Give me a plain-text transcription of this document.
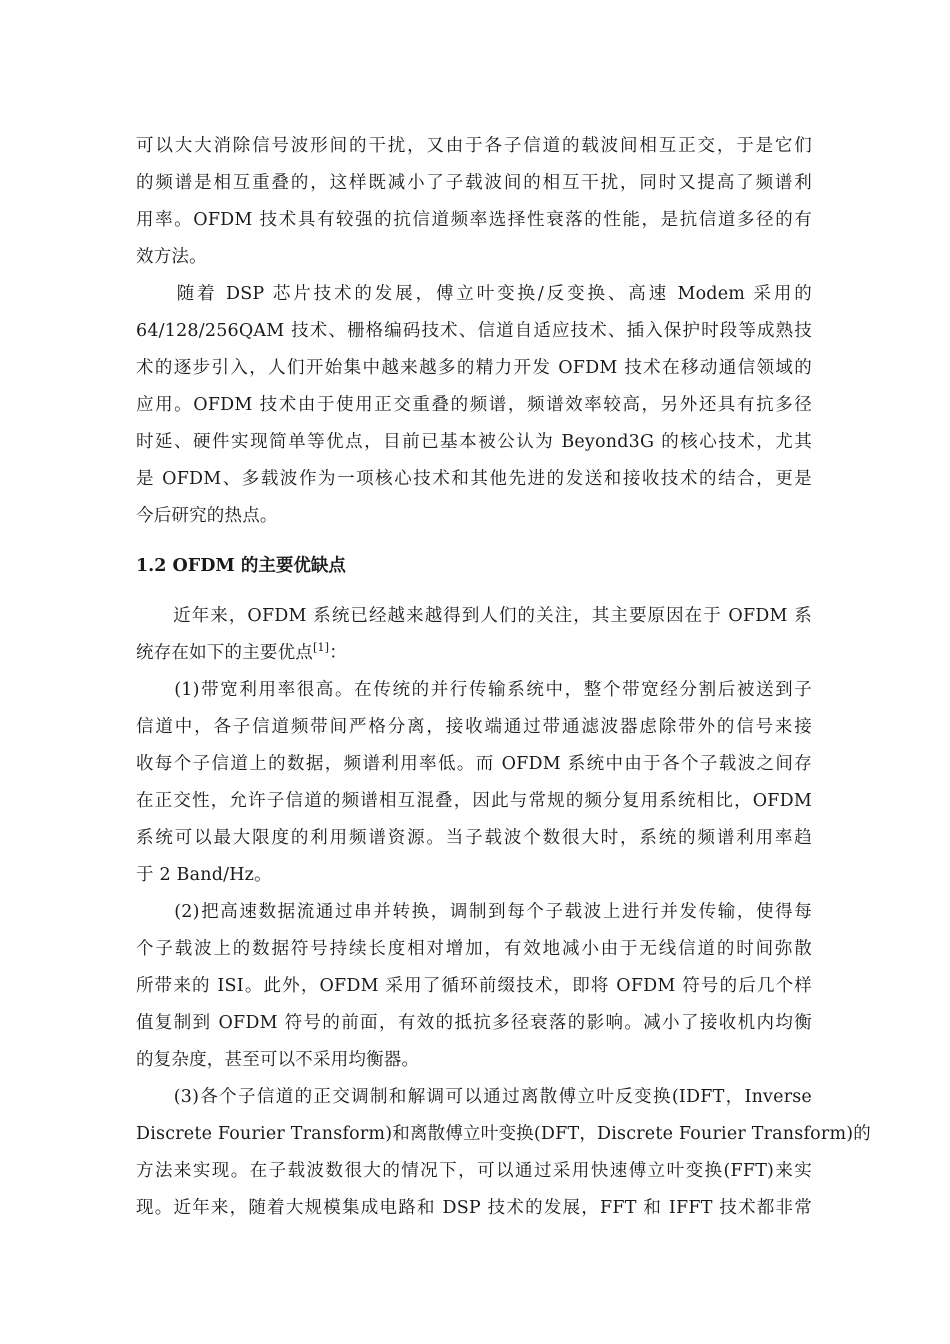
可以大大消除信号波形间的干扰，又由于各子信道的载波间相互正交，于是它们
的频谱是相互重叠的，这样既减小了子载波间的相互干扰，同时又提高了频谱利
用率。OFDM 技术具有较强的抗信道频率选择性衰落的性能，是抗信道多径的有
效方法。
　　随着 DSP 芯片技术的发展，傅立叶变换/反变换、高速 Modem 采用的
64/128/256QAM 技术、栅格编码技术、信道自适应技术、插入保护时段等成熟技
术的逐步引入，人们开始集中越来越多的精力开发 OFDM 技术在移动通信领域的
应用。OFDM 技术由于使用正交重叠的频谱，频谱效率较高，另外还具有抗多径
时延、硬件实现简单等优点，目前已基本被公认为 Beyond3G 的核心技术，尤其
是 OFDM、多载波作为一项核心技术和其他先进的发送和接收技术的结合，更是
今后研究的热点。
1.2 OFDM 的主要优缺点
　　近年来，OFDM 系统已经越来越得到人们的关注，其主要原因在于 OFDM 系
统存在如下的主要优点[1]：
　　(1)带宽利用率很高。在传统的并行传输系统中，整个带宽经分割后被送到子
信道中，各子信道频带间严格分离，接收端通过带通滤波器虑除带外的信号来接
收每个子信道上的数据，频谱利用率低。而 OFDM 系统中由于各个子载波之间存
在正交性，允许子信道的频谱相互混叠，因此与常规的频分复用系统相比，OFDM
系统可以最大限度的利用频谱资源。当子载波个数很大时，系统的频谱利用率趋
于 2 Band/Hz。
　　(2)把高速数据流通过串并转换，调制到每个子载波上进行并发传输，使得每
个子载波上的数据符号持续长度相对增加，有效地减小由于无线信道的时间弥散
所带来的 ISI。此外，OFDM 采用了循环前缀技术，即将 OFDM 符号的后几个样
值复制到 OFDM 符号的前面，有效的抵抗多径衰落的影响。减小了接收机内均衡
的复杂度，甚至可以不采用均衡器。
　　(3)各个子信道的正交调制和解调可以通过离散傅立叶反变换(IDFT，Inverse
Discrete Fourier Transform)和离散傅立叶变换(DFT，Discrete Fourier Transform)的
方法来实现。在子载波数很大的情况下，可以通过采用快速傅立叶变换(FFT)来实
现。近年来，随着大规模集成电路和 DSP 技术的发展，FFT 和 IFFT 技术都非常
